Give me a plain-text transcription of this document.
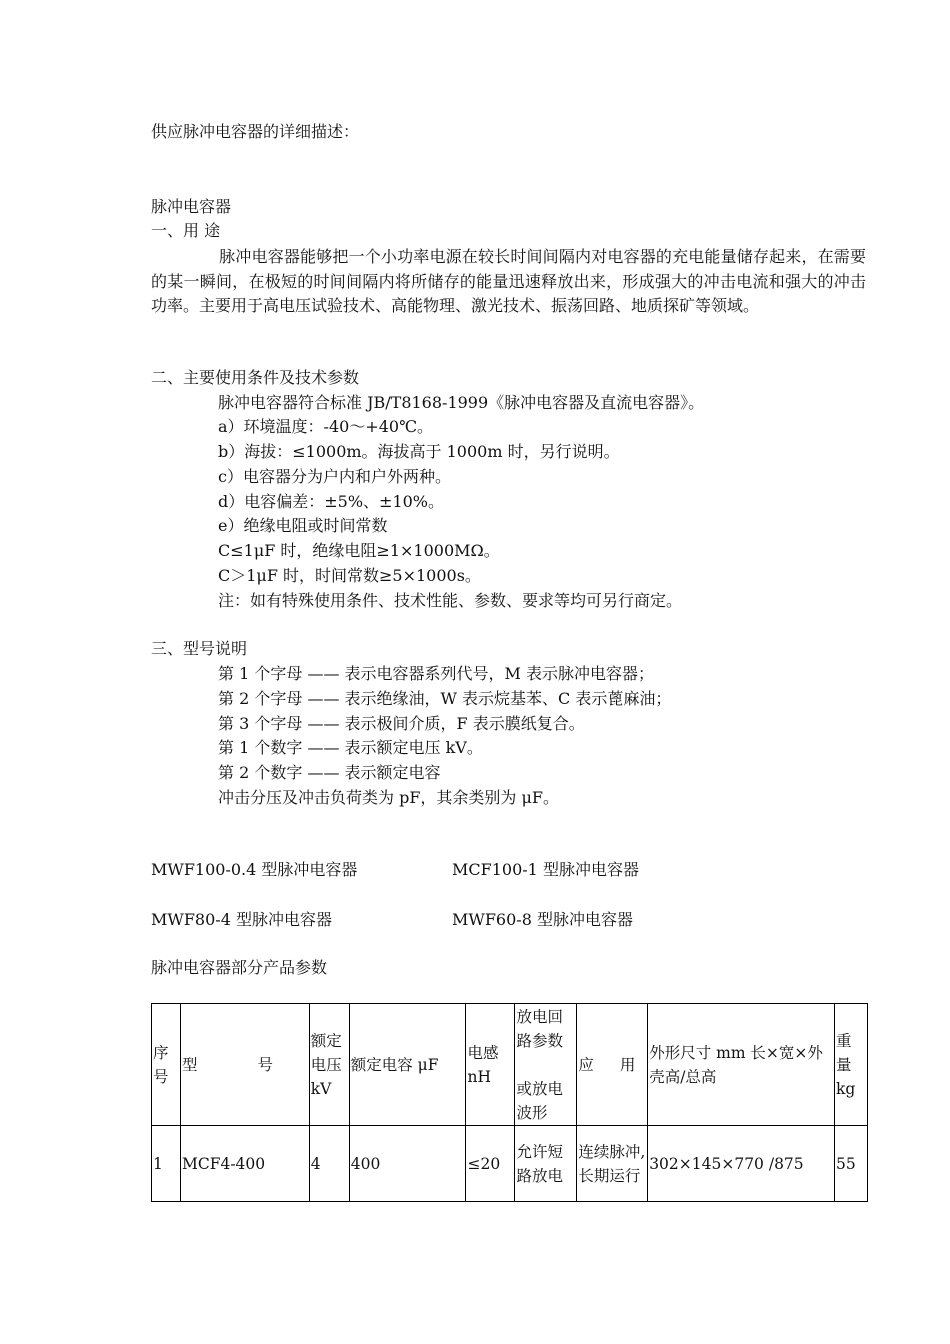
供应脉冲电容器的详细描述：
脉冲电容器
一、用 途
脉冲电容器能够把一个小功率电源在较长时间间隔内对电容器的充电能量储存起来，在需要的某一瞬间，在极短的时间间隔内将所储存的能量迅速释放出来，形成强大的冲击电流和强大的冲击功率。主要用于高电压试验技术、高能物理、激光技术、振荡回路、地质探矿等领域。
二、主要使用条件及技术参数
脉冲电容器符合标准 JB/T8168-1999《脉冲电容器及直流电容器》。
a）环境温度：-40～+40℃。
b）海拔：≤1000m。海拔高于 1000m 时，另行说明。
c）电容器分为户内和户外两种。
d）电容偏差：±5%、±10%。
e）绝缘电阻或时间常数
C≤1μF 时，绝缘电阻≥1×1000MΩ。
C＞1μF 时，时间常数≥5×1000s。
注：如有特殊使用条件、技术性能、参数、要求等均可另行商定。
三、型号说明
第 1 个字母 —— 表示电容器系列代号，M 表示脉冲电容器；
第 2 个字母 —— 表示绝缘油，W 表示烷基苯、C 表示蓖麻油；
第 3 个字母 —— 表示极间介质，F 表示膜纸复合。
第 1 个数字 —— 表示额定电压 kV。
第 2 个数字 —— 表示额定电容
冲击分压及冲击负荷类为 pF，其余类别为 μF。
MWF100-0.4 型脉冲电容器	MCF100-1 型脉冲电容器
MWF80-4 型脉冲电容器	MWF60-8 型脉冲电容器
脉冲电容器部分产品参数
序号	型 号	额定电压 kV	额定电容 μF	电感 nH	放电回路参数
或放电波形	应 用	外形尺寸 mm 长×宽×外壳高/总高	重量 kg
1	MCF4-400	4	400	≤20	允许短路放电	连续脉冲,长期运行	302×145×770 /875	55
